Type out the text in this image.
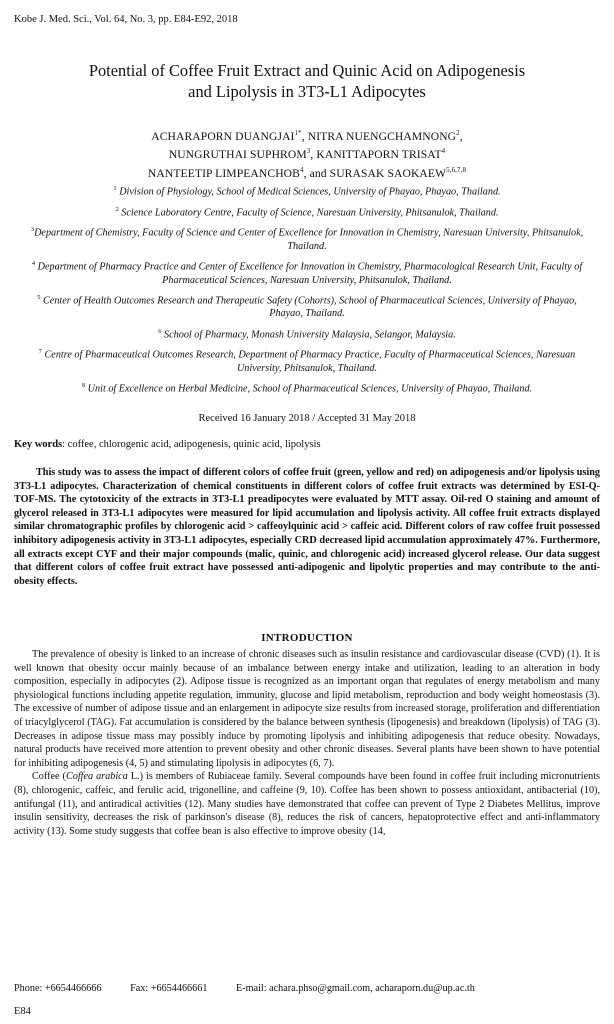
Kobe J. Med. Sci., Vol. 64, No. 3, pp. E84-E92, 2018
Potential of Coffee Fruit Extract and Quinic Acid on Adipogenesis
and Lipolysis in 3T3-L1 Adipocytes
ACHARAPORN $DUANGJAI^{1*}$, NITRA NUENGCHAMNONG$^2$,
NUNGRUTHAI SUPHROM$^3$, KANITTAPORN TRISAT$^4$
NANTEETIP LIMPEANCHOB$^4$, and SURASAK SAOKAEW$^{5,6,7,8}$

$^1$ Division of Physiology, School of Medical Sciences, University of Phayao, Phayao, Thailand.

$^2$ Science Laboratory Centre, Faculty of Science, Naresuan University, Phitsanulok, Thailand.

$^3$Department of Chemistry, Faculty of Science and Center of Excellence for Innovation in Chemistry, Naresuan University, Phitsanulok, Thailand.

$^4$ Department of Pharmacy Practice and Center of Excellence for Innovation in Chemistry, Pharmacological Research Unit, Faculty of Pharmaceutical Sciences, Naresuan University, Phitsanulok, Thailand.

$^5$ Center of Health Outcomes Research and Therapeutic Safety (Cohorts), School of Pharmaceutical Sciences, University of Phayao, Phayao, Thailand.

$^6$ School of Pharmacy, Monash University Malaysia, Selangor, Malaysia.

$^7$ Centre of Pharmaceutical Outcomes Research, Department of Pharmacy Practice, Faculty of Pharmaceutical Sciences, Naresuan University, Phitsanulok, Thailand.

$^8$ Unit of Excellence on Herbal Medicine, School of Pharmaceutical Sciences, University of Phayao, Thailand.

Received 16 January 2018 / Accepted 31 May 2018
Key words: coffee, chlorogenic acid, adipogenesis, quinic acid, lipolysis
This study was to assess the impact of different colors of coffee fruit (green, yellow and red) on adipogenesis and/or lipolysis using 3T3-L1 adipocytes. Characterization of chemical constituents in different colors of coffee fruit extracts was determined by ESI-Q-TOF-MS. The cytotoxicity of the extracts in 3T3-L1 preadipocytes were evaluated by MTT assay. Oil-red O staining and amount of glycerol released in 3T3-L1 adipocytes were measured for lipid accumulation and lipolysis activity. All coffee fruit extracts displayed similar chromatographic profiles by chlorogenic acid > caffeoylquinic acid > caffeic acid. Different colors of raw coffee fruit possessed inhibitory adipogenesis activity in 3T3-L1 adipocytes, especially CRD decreased lipid accumulation approximately 47%. Furthermore, all extracts except CYF and their major compounds (malic, quinic, and chlorogenic acid) increased glycerol release. Our data suggest that different colors of coffee fruit extract have possessed anti-adipogenic and lipolytic properties and may contribute to the anti-obesity effects.
INTRODUCTION

The prevalence of obesity is linked to an increase of chronic diseases such as insulin resistance and cardiovascular disease (CVD) (1). It is well known that obesity occur mainly because of an imbalance between energy intake and utilization, leading to an alteration in body composition, especially in adipocytes (2). Adipose tissue is recognized as an important organ that regulates of energy metabolism and many physiological functions including appetite regulation, immunity, glucose and lipid metabolism, reproduction and body weight homeostasis (3). The excessive of number of adipose tissue and an enlargement in adipocyte size results from increased storage, proliferation and differentiation of triacylglycerol (TAG). Fat accumulation is considered by the balance between synthesis (lipogenesis) and breakdown (lipolysis) of TAG (3). Decreases in adipose tissue mass may possibly induce by promoting lipolysis and inhibiting adipogenesis that reduce obesity. Nowadays, natural products have received more attention to prevent obesity and other chronic diseases. Several plants have been shown to have potential for inhibiting adipogenesis (4, 5) and stimulating lipolysis in adipocytes (6, 7).

Coffee (Coffea arabica L.) is members of Rubiaceae family. Several compounds have been found in coffee fruit including micronutrients (8), chlorogenic, caffeic, and ferulic acid, trigonelline, and caffeine (9, 10). Coffee has been shown to possess antioxidant, antibacterial (10), antifungal (11), and antiradical activities (12). Many studies have demonstrated that coffee can prevent of Type 2 Diabetes Mellitus, improve insulin sensitivity, decreases the risk of parkinson's disease (8), reduces the risk of cancers, hepatoprotective effect and anti-inflammatory activity (13). Some study suggests that coffee bean is also effective to improve obesity (14,

Phone: +6654466666	Fax: +6654466661	E-mail: achara.phso@gmail.com, acharaporn.du@up.ac.th
E84
